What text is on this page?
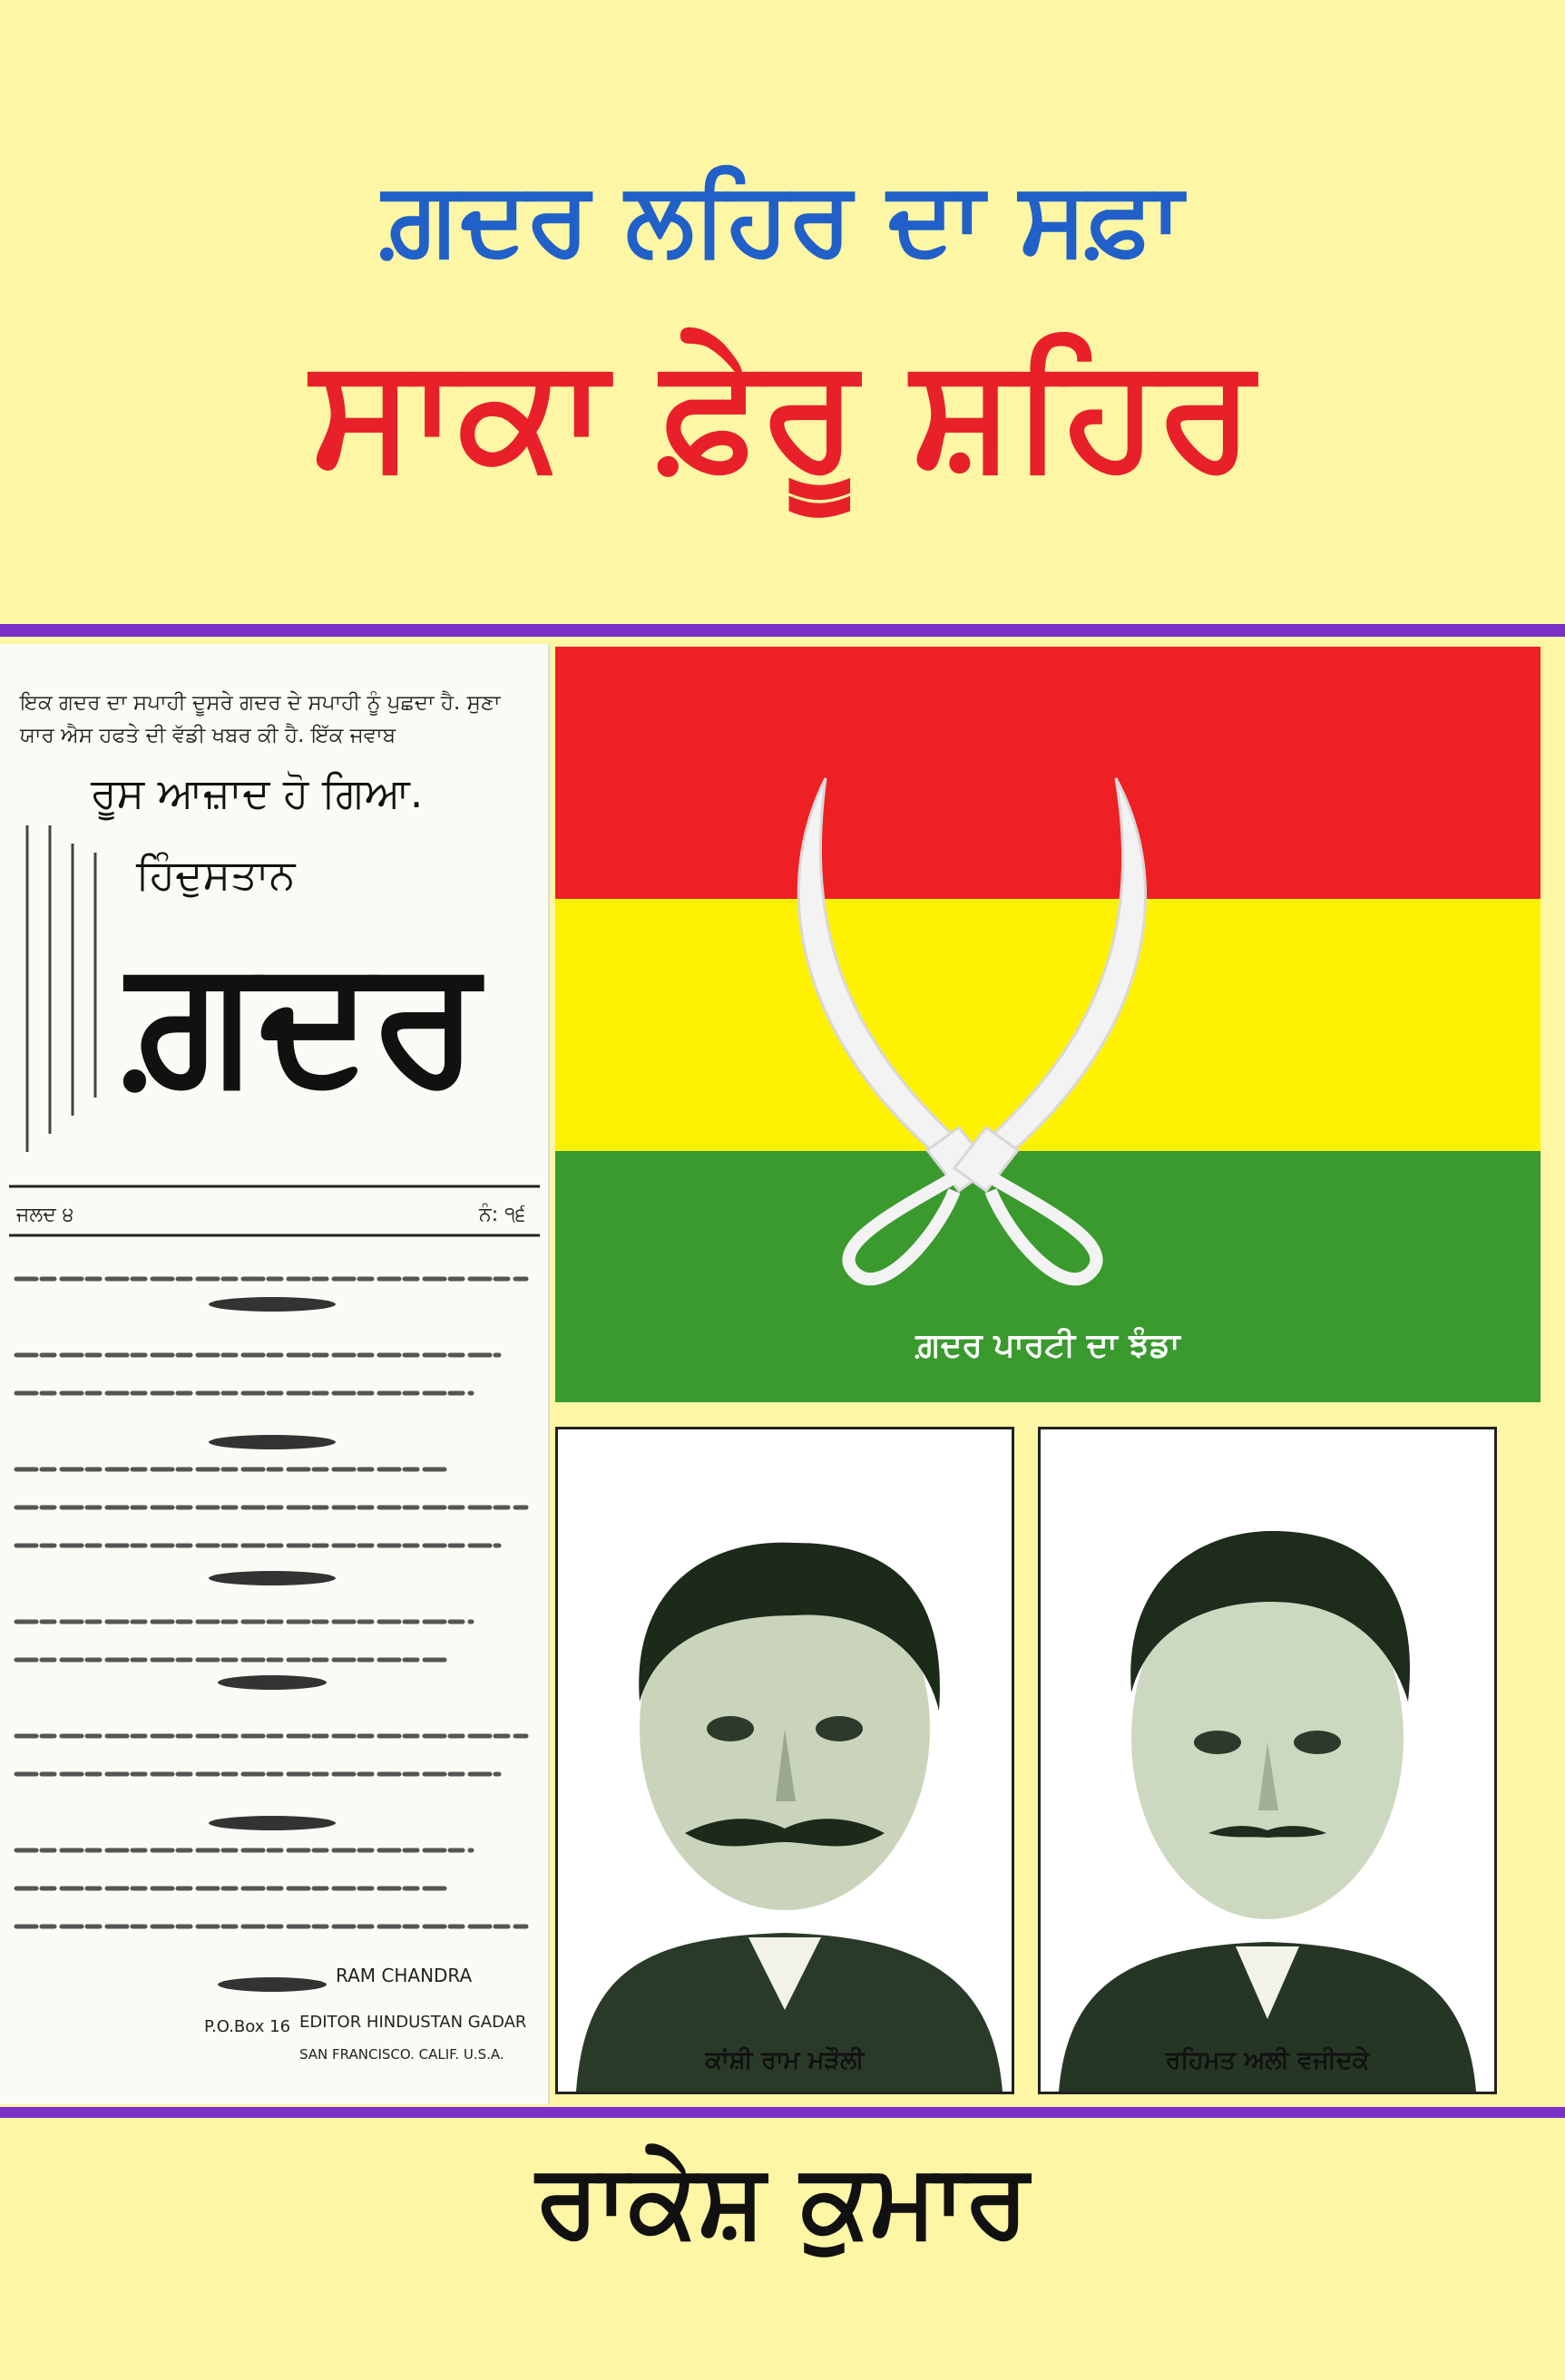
ਗ਼ਦਰ ਲਹਿਰ ਦਾ ਸਫ਼ਾ
ਸਾਕਾ ਫ਼ੇਰੂ ਸ਼ਹਿਰ
ਇਕ ਗਦਰ ਦਾ ਸਪਾਹੀ ਦੂਸਰੇ ਗਦਰ ਦੇ ਸਪਾਹੀ ਨੂੰ ਪੁਛਦਾ ਹੈ. ਸੁਣਾ
ਯਾਰ ਐਸ ਹਫਤੇ ਦੀ ਵੱਡੀ ਖਬਰ ਕੀ ਹੈ. ਇੱਕ ਜਵਾਬ
ਰੂਸ ਆਜ਼ਾਦ ਹੋ ਗਿਆ.
ਹਿੰਦੁਸਤਾਨ
ਗ਼ਦਰ
ਜਲਦ ੪	ਨੰ: ੧੬
RAM CHANDRA
EDITOR HINDUSTAN GADAR
P.O.Box 16
SAN FRANCISCO. CALIF. U.S.A.
ਗ਼ਦਰ ਪਾਰਟੀ ਦਾ ਝੰਡਾ
ਕਾਂਸ਼ੀ ਰਾਮ ਮੜੌਲੀ	ਰਹਿਮਤ ਅਲੀ ਵਜੀਦਕੇ
ਰਾਕੇਸ਼ ਕੁਮਾਰ
